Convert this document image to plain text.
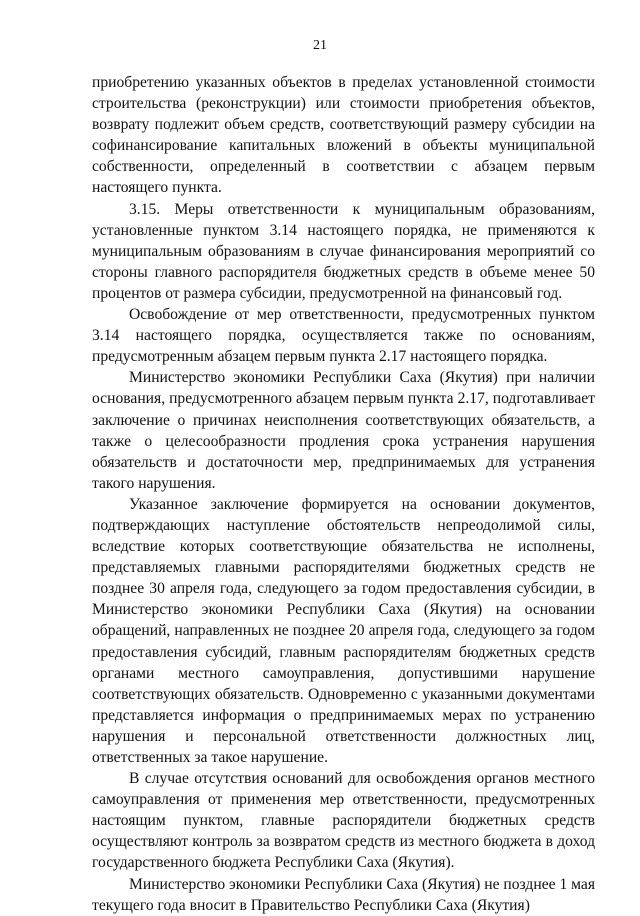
21

приобретению указанных объектов в пределах установленной стоимости строительства (реконструкции) или стоимости приобретения объектов, возврату подлежит объем средств, соответствующий размеру субсидии на софинансирование капитальных вложений в объекты муниципальной собственности, определенный в соответствии с абзацем первым настоящего пункта.

3.15. Меры ответственности к муниципальным образованиям, установленные пунктом 3.14 настоящего порядка, не применяются к муниципальным образованиям в случае финансирования мероприятий со стороны главного распорядителя бюджетных средств в объеме менее 50 процентов от размера субсидии, предусмотренной на финансовый год.

Освобождение от мер ответственности, предусмотренных пунктом 3.14 настоящего порядка, осуществляется также по основаниям, предусмотренным абзацем первым пункта 2.17 настоящего порядка.

Министерство экономики Республики Саха (Якутия) при наличии основания, предусмотренного абзацем первым пункта 2.17, подготавливает заключение о причинах неисполнения соответствующих обязательств, а также о целесообразности продления срока устранения нарушения обязательств и достаточности мер, предпринимаемых для устранения такого нарушения.

Указанное заключение формируется на основании документов, подтверждающих наступление обстоятельств непреодолимой силы, вследствие которых соответствующие обязательства не исполнены, представляемых главными распорядителями бюджетных средств не позднее 30 апреля года, следующего за годом предоставления субсидии, в Министерство экономики Республики Саха (Якутия) на основании обращений, направленных не позднее 20 апреля года, следующего за годом предоставления субсидий, главным распорядителям бюджетных средств органами местного самоуправления, допустившими нарушение соответствующих обязательств. Одновременно с указанными документами представляется информация о предпринимаемых мерах по устранению нарушения и персональной ответственности должностных лиц, ответственных за такое нарушение.

В случае отсутствия оснований для освобождения органов местного самоуправления от применения мер ответственности, предусмотренных настоящим пунктом, главные распорядители бюджетных средств осуществляют контроль за возвратом средств из местного бюджета в доход государственного бюджета Республики Саха (Якутия).

Министерство экономики Республики Саха (Якутия) не позднее 1 мая текущего года вносит в Правительство Республики Саха (Якутия)
